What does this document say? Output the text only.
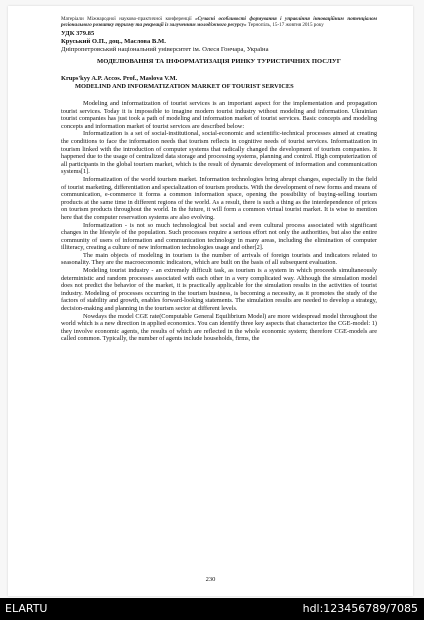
Матеріали Міжнародної науково-практичної конференції «Сучасні особливості формування і управління інноваційним потенціалом регіонального розвитку туризму та рекреації із залученням молодіжного ресурсу» Тернопіль, 15-17 жовтня 2015 року
УДК 379.85
Круський О.П., доц., Маслова В.М.
Дніпропетровський національний університет ім. Олеся Гончара, Україна
МОДЕЛЮВАННЯ ТА ІНФОРМАТИЗАЦІЯ РИНКУ ТУРИСТИЧНИХ ПОСЛУГ
Krups'kyy A.P. Accos. Prof., Maslova V.M.
MODELIND AND INFORMATIZATION MARKET OF TOURIST SERVICES

Modeling and informatization of tourist services is an important aspect for the implementation and propagation tourist services. Today it is impossible to imagine modern tourist industry without modeling and information. Ukrainian tourist companies has just took a path of modeling and information market of tourist services. Basic concepts and modeling concepts and information market of tourist services are described below:

Informatization is a set of social-institutional, social-economic and scientific-technical processes aimed at creating the conditions to face the information needs that tourism reflects in cognitive needs of tourist services. Informatization in tourism linked with the introduction of computer systems that radically changed the development of tourism companies. It happened due to the usage of centralized data storage and processing systems, planning and control. High computerization of all participants in the global tourism market, which is the result of dynamic development of information and communication systems[1].

Informatization of the world tourism market. Information technologies bring abrupt changes, especially in the field of tourist marketing, differentiation and specialization of tourism products. With the development of new forms and means of communication, e-commerce it forms a common information space, opening the possibility of buying-selling tourism products at the same time in different regions of the world. As a result, there is such a thing as the interdependence of prices on tourism products throughout the world. In the future, it will form a common virtual tourist market. It is wise to mention here that the computer reservation systems are also evolving.

Informatization - is not so much technological but social and even cultural process associated with significant changes in the lifestyle of the population. Such processes require a serious effort not only the authorities, but also the entire community of users of information and communication technology in many areas, including the elimination of computer illiteracy, creating a culture of new information technologies usage and other[2].

The main objects of modeling in tourism is the number of arrivals of foreign tourists and indicators related to seasonality. They are the macroeconomic indicators, which are built on the basis of all subsequent evaluation.

Modeling tourist industry - an extremely difficult task, as tourism is a system in which proceeds simultaneously deterministic and random processes associated with each other in a very complicated way. Although the simulation model does not predict the behavior of the market, it is practically applicable for the simulation results in the activities of tourist industry. Modeling of processes occurring in the tourism business, is becoming a necessity, as it promotes the study of the factors of stability and growth, enables forward-looking statements. The simulation results are needed to develop a strategy, decision-making and planning in the tourism sector at different levels.

Nowdays the model CGE rate(Computable General Equilibrium Model) are more widespread model throughout the world which is a new direction in applied economics. You can identify three key aspects that characterize the CGE-model: 1) they involve economic agents, the results of which are reflected in the whole economic system; therefore CGE-models are called common. Typically, the number of agents include households, firms, the

230
ELARTU	hdl:123456789/7085
